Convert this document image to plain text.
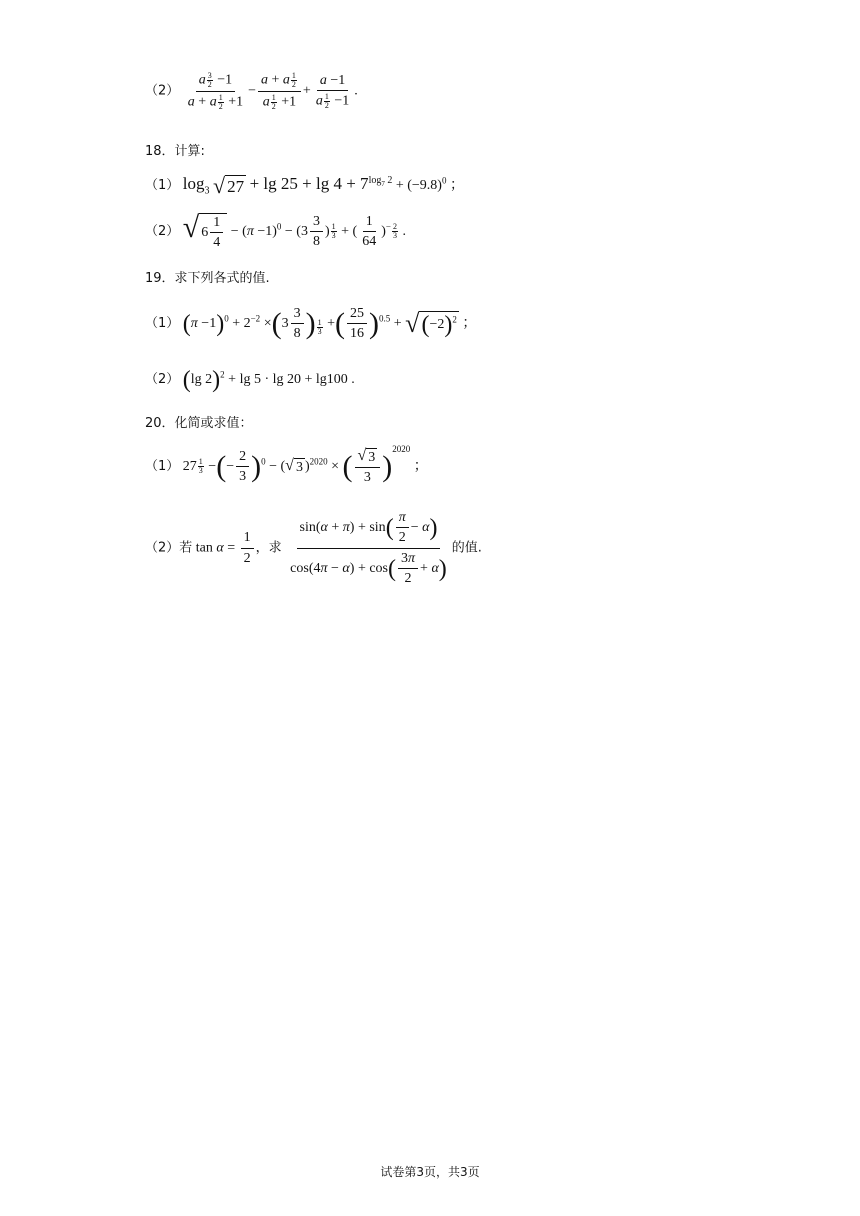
$(2) \frac{a \frac{3}{2} -1}{a + a \frac{1}{2} +1} - \frac{a + a \frac{1}{2}}{a \frac{1}{2} +1} + \frac{a -1}{a \frac{1}{2} -1}$ .
18．计算:
（1） $\log_3$ √ $27 + \lg 25 + \lg 4 + 7^{log_7 2} + (-9.8)^0$ ；
（2） √ $6 \frac{1}{4} - (\pi -1)^0 - (3 \frac{3}{8}$ ) $\frac{1}{3}$ + ( $\frac{1}{64} )^- \frac{2}{3}$ .
19．求下列各式的值.
（1） $(\pi -1)^0 + 2^{-2} \times(3 \frac{3}{8}$ ) $\frac{1}{3}$ +( $\frac{25}{16} )^{0.5}$ + √ $(-2)^2$ ；
（2） (lg 2)$^2$ + lg 5 · lg 20 + lg100 .
20．化简或求值：
（1） $27 \frac{1}{3}$ −(− $\frac{2}{3} )^0$ − ( √ 3 )$^{2020}$ × ( $\frac{√ 3}{3} )^{2020}$ ；
（2）若 $\tan \alpha = \frac{1}{2}$ ，求 $\frac{\sin(\alpha + \pi) + \sin( \frac{\pi}{2} - \alpha)}{\cos(4\pi - \alpha) + \cos( \frac{3\pi}{2} + \alpha)}$ 的值.
试卷第3页，共3页
